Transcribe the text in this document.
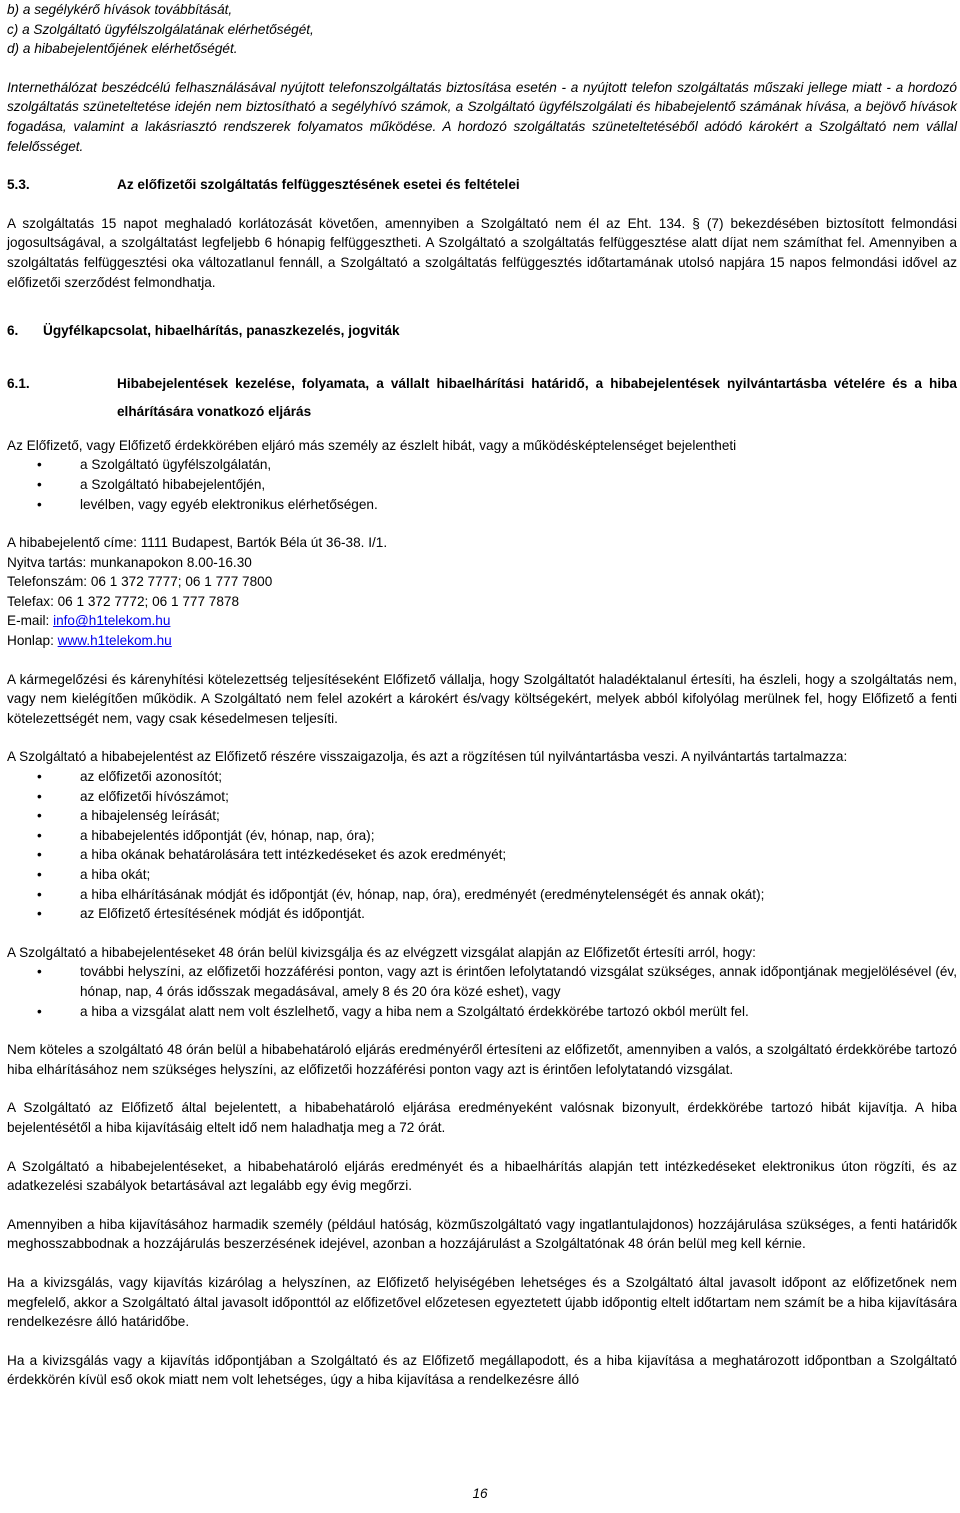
b) a segélykérő hívások továbbítását,

c) a Szolgáltató ügyfélszolgálatának elérhetőségét,

d) a hibabejelentőjének elérhetőségét.

Internethálózat beszédcélú felhasználásával nyújtott telefonszolgáltatás biztosítása esetén - a nyújtott telefon szolgáltatás műszaki jellege miatt - a hordozó szolgáltatás szüneteltetése idején nem biztosítható a segélyhívó számok, a Szolgáltató ügyfélszolgálati és hibabejelentő számának hívása, a bejövő hívások fogadása, valamint a lakásriasztó rendszerek folyamatos működése. A hordozó szolgáltatás szüneteltetéséből adódó károkért a Szolgáltató nem vállal felelősséget.

5.3.	Az előfizetői szolgáltatás felfüggesztésének esetei és feltételei

A szolgáltatás 15 napot meghaladó korlátozását követően, amennyiben a Szolgáltató nem él az Eht. 134. § (7) bekezdésében biztosított felmondási jogosultságával, a szolgáltatást legfeljebb 6 hónapig felfüggesztheti. A Szolgáltató a szolgáltatás felfüggesztése alatt díjat nem számíthat fel. Amennyiben a szolgáltatás felfüggesztési oka változatlanul fennáll, a Szolgáltató a szolgáltatás felfüggesztés időtartamának utolsó napjára 15 napos felmondási idővel az előfizetői szerződést felmondhatja.

6.	Ügyfélkapcsolat, hibaelhárítás, panaszkezelés, jogviták
6.1.	Hibabejelentések kezelése, folyamata, a vállalt hibaelhárítási határidő, a hibabejelentések nyilvántartásba vételére és a hiba elhárítására vonatkozó eljárás

Az Előfizető, vagy Előfizető érdekkörében eljáró más személy az észlelt hibát, vagy a működésképtelenséget bejelentheti

• a Szolgáltató ügyfélszolgálatán,
• a Szolgáltató hibabejelentőjén,
• levélben, vagy egyéb elektronikus elérhetőségen.

A hibabejelentő címe: 1111 Budapest, Bartók Béla út 36-38. I/1.

Nyitva tartás: munkanapokon 8.00-16.30

Telefonszám: 06 1 372 7777; 06 1 777 7800

Telefax: 06 1 372 7772; 06 1 777 7878

E-mail: info@h1telekom.hu

Honlap: www.h1telekom.hu

A kármegelőzési és kárenyhítési kötelezettség teljesítéseként Előfizető vállalja, hogy Szolgáltatót haladéktalanul értesíti, ha észleli, hogy a szolgáltatás nem, vagy nem kielégítően működik. A Szolgáltató nem felel azokért a károkért és/vagy költségekért, melyek abból kifolyólag merülnek fel, hogy Előfizető a fenti kötelezettségét nem, vagy csak késedelmesen teljesíti.

A Szolgáltató a hibabejelentést az Előfizető részére visszaigazolja, és azt a rögzítésen túl nyilvántartásba veszi. A nyilvántartás tartalmazza:

• az előfizetői azonosítót;
• az előfizetői hívószámot;
• a hibajelenség leírását;
• a hibabejelentés időpontját (év, hónap, nap, óra);
• a hiba okának behatárolására tett intézkedéseket és azok eredményét;
• a hiba okát;
• a hiba elhárításának módját és időpontját (év, hónap, nap, óra), eredményét (eredménytelenségét és annak okát);
• az Előfizető értesítésének módját és időpontját.

A Szolgáltató a hibabejelentéseket 48 órán belül kivizsgálja és az elvégzett vizsgálat alapján az Előfizetőt értesíti arról, hogy:

• további helyszíni, az előfizetői hozzáférési ponton, vagy azt is érintően lefolytatandó vizsgálat szükséges, annak időpontjának megjelölésével (év, hónap, nap, 4 órás idősszak megadásával, amely 8 és 20 óra közé eshet), vagy
• a hiba a vizsgálat alatt nem volt észlelhető, vagy a hiba nem a Szolgáltató érdekkörébe tartozó okból merült fel.

Nem köteles a szolgáltató 48 órán belül a hibabehatároló eljárás eredményéről értesíteni az előfizetőt, amennyiben a valós, a szolgáltató érdekkörébe tartozó hiba elhárításához nem szükséges helyszíni, az előfizetői hozzáférési ponton vagy azt is érintően lefolytatandó vizsgálat.

A Szolgáltató az Előfizető által bejelentett, a hibabehatároló eljárása eredményeként valósnak bizonyult, érdekkörébe tartozó hibát kijavítja. A hiba bejelentésétől a hiba kijavításáig eltelt idő nem haladhatja meg a 72 órát.

A Szolgáltató a hibabejelentéseket, a hibabehatároló eljárás eredményét és a hibaelhárítás alapján tett intézkedéseket elektronikus úton rögzíti, és az adatkezelési szabályok betartásával azt legalább egy évig megőrzi.

Amennyiben a hiba kijavításához harmadik személy (például hatóság, közműszolgáltató vagy ingatlantulajdonos) hozzájárulása szükséges, a fenti határidők meghosszabbodnak a hozzájárulás beszerzésének idejével, azonban a hozzájárulást a Szolgáltatónak 48 órán belül meg kell kérnie.

Ha a kivizsgálás, vagy kijavítás kizárólag a helyszínen, az Előfizető helyiségében lehetséges és a Szolgáltató által javasolt időpont az előfizetőnek nem megfelelő, akkor a Szolgáltató által javasolt időponttól az előfizetővel előzetesen egyeztetett újabb időpontig eltelt időtartam nem számít be a hiba kijavítására rendelkezésre álló határidőbe.

Ha a kivizsgálás vagy a kijavítás időpontjában a Szolgáltató és az Előfizető megállapodott, és a hiba kijavítása a meghatározott időpontban a Szolgáltató érdekkörén kívül eső okok miatt nem volt lehetséges, úgy a hiba kijavítása a rendelkezésre álló

16
